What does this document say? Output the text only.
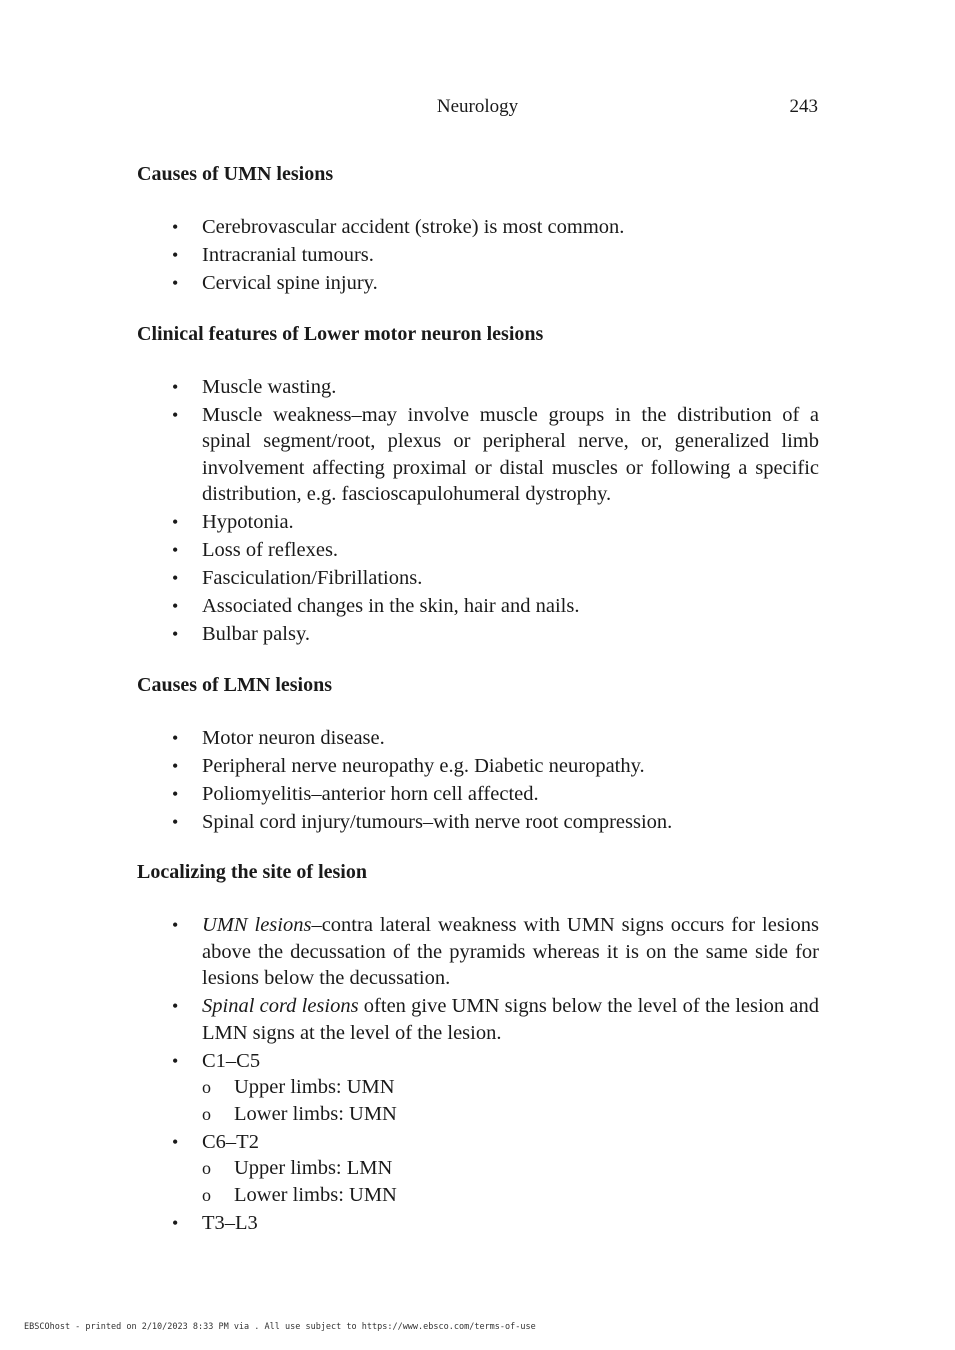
Neurology	243
Causes of UMN lesions
• Cerebrovascular accident (stroke) is most common.
• Intracranial tumours.
• Cervical spine injury.
Clinical features of Lower motor neuron lesions
• Muscle wasting.
• Muscle weakness–may involve muscle groups in the distribution of a spinal segment/root, plexus or peripheral nerve, or, generalized limb involvement affecting proximal or distal muscles or following a specific distribution, e.g. fascioscapulohumeral dystrophy.
• Hypotonia.
• Loss of reflexes.
• Fasciculation/Fibrillations.
• Associated changes in the skin, hair and nails.
• Bulbar palsy.
Causes of LMN lesions
• Motor neuron disease.
• Peripheral nerve neuropathy e.g. Diabetic neuropathy.
• Poliomyelitis–anterior horn cell affected.
• Spinal cord injury/tumours–with nerve root compression.
Localizing the site of lesion
• UMN lesions–contra lateral weakness with UMN signs occurs for lesions above the decussation of the pyramids whereas it is on the same side for lesions below the decussation.
• Spinal cord lesions often give UMN signs below the level of the lesion and LMN signs at the level of the lesion.
• C1–C5
o Upper limbs: UMN
o Lower limbs: UMN
• C6–T2
o Upper limbs: LMN
o Lower limbs: UMN
• T3–L3
EBSCOhost - printed on 2/10/2023 8:33 PM via . All use subject to https://www.ebsco.com/terms-of-use
